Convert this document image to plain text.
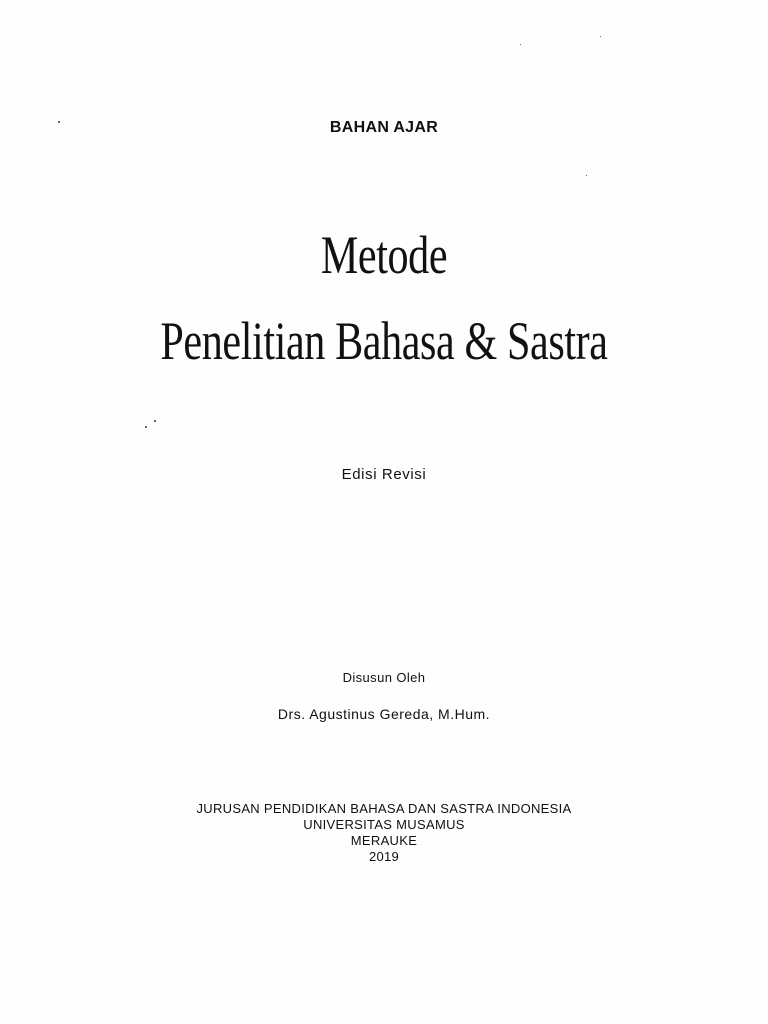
BAHAN AJAR
Metode
Penelitian Bahasa & Sastra
Edisi Revisi
Disusun Oleh
Drs. Agustinus Gereda, M.Hum.
JURUSAN PENDIDIKAN BAHASA DAN SASTRA INDONESIA
UNIVERSITAS MUSAMUS
MERAUKE
2019
